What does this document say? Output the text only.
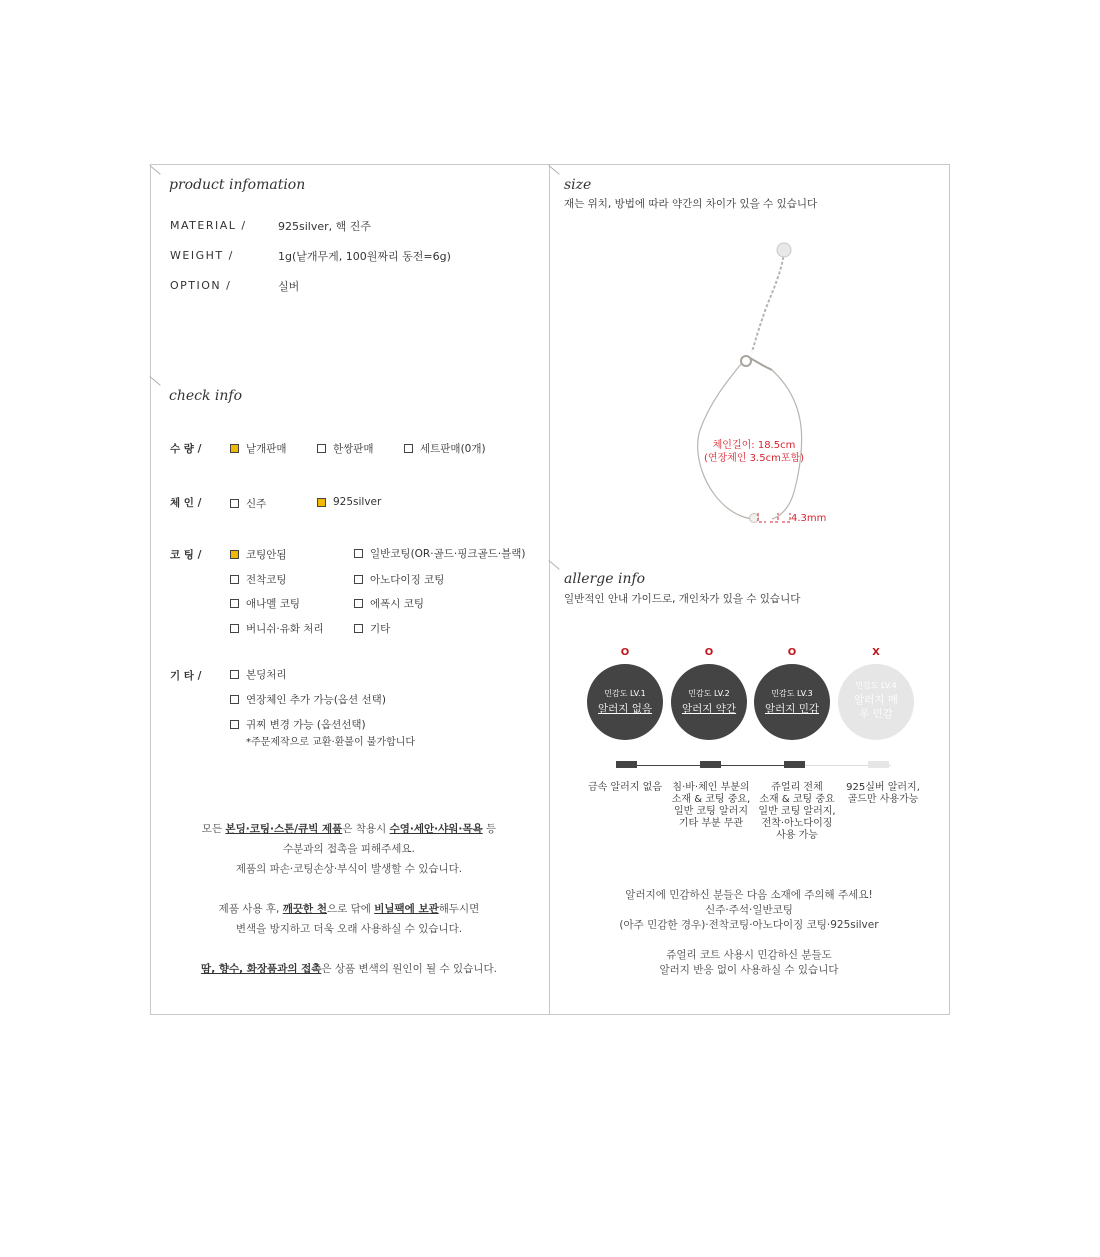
product infomation
MATERIAL /	925silver, 핵 진주
WEIGHT /	1g(낱개무게, 100원짜리 동전=6g)
OPTION /	실버
check info
수 량 /	낱개판매	한쌍판매	세트판매(0개)
체 인 /	신주	925silver
코 팅 /	코팅안됨	일반코팅(OR·골드·핑크골드·블랙)
전착코팅	아노다이징 코팅
애나멜 코팅	에폭시 코팅
버니쉬·유화 처리	기타
기 타 /	본딩처리
연장체인 추가 가능(옵션 선택)
귀찌 변경 가능 (옵션선택)
*주문제작으로 교환·환불이 불가합니다
모든 본딩·코팅·스톤/큐빅 제품은 착용시 수영·세안·샤워·목욕 등
수분과의 접촉을 피해주세요.
제품의 파손·코팅손상·부식이 발생할 수 있습니다.
제품 사용 후, 깨끗한 천으로 닦에 비닐팩에 보관해두시면
변색을 방지하고 더욱 오래 사용하실 수 있습니다.
땀, 향수, 화장품과의 접촉은 상품 변색의 원인이 될 수 있습니다.
size
재는 위치, 방법에 따라 약간의 차이가 있을 수 있습니다
체인길이: 18.5cm
(연장체인 3.5cm포함)
4.3mm
allerge info
일반적인 안내 가이드로, 개인차가 있을 수 있습니다
O	O	O	X
민감도 LV.1
알러지 없음
민감도 LV.2
알러지 약간
민감도 LV.3
알러지 민감
민감도 LV.4
알러지 매우 민감
금속 알러지 없음	침·바·체인 부분의
소재 & 코팅 중요,
일반 코팅 알러지
기타 부분 무관
쥬얼리 전체
소재 & 코팅 중요
일반 코팅 알러지,
전착·아노다이징
사용 가능
925실버 알러지,
골드만 사용가능
알러지에 민감하신 분들은 다음 소재에 주의해 주세요!
신주·주석·일반코팅
(아주 민감한 경우)·전착코팅·아노다이징 코팅·925silver
쥬얼리 코트 사용시 민감하신 분들도
알러지 반응 없이 사용하실 수 있습니다
